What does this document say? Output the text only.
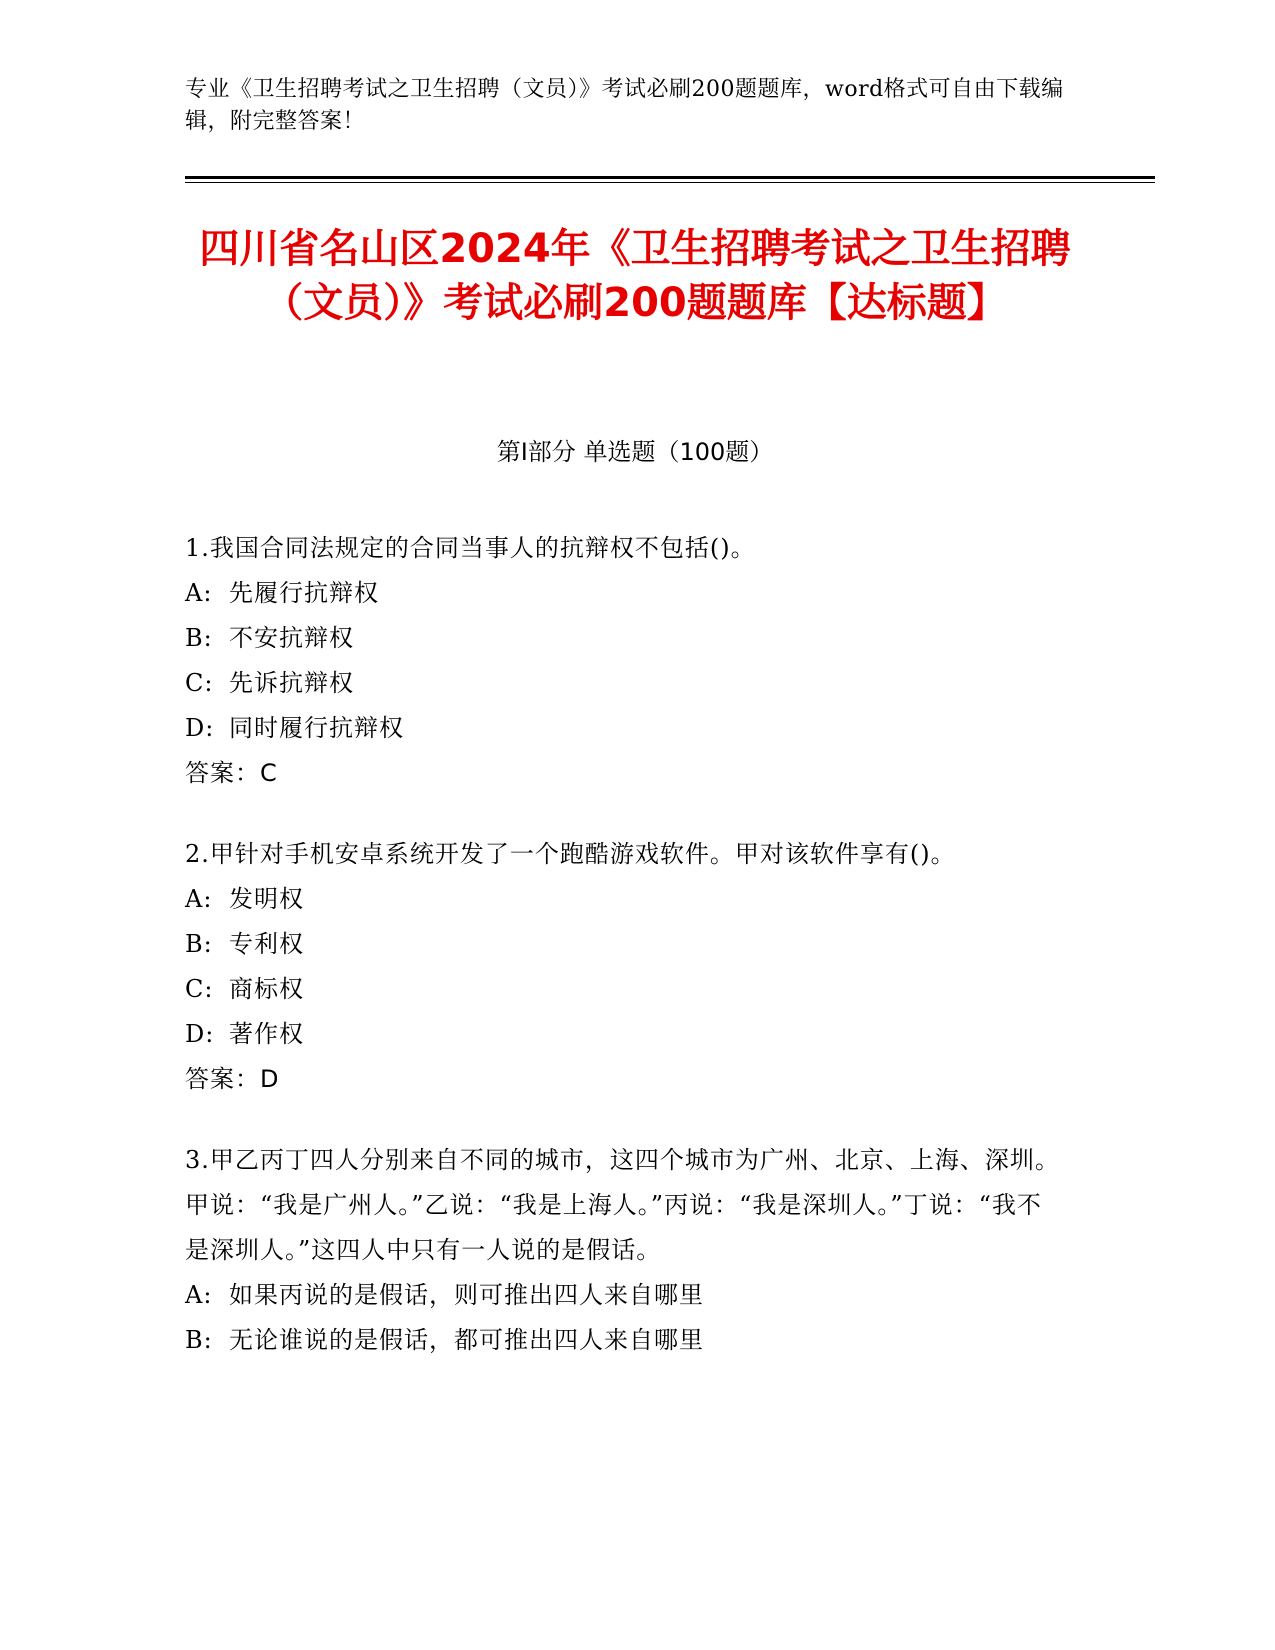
专业《卫生招聘考试之卫生招聘（文员）》考试必刷200题题库，word格式可自由下载编辑，附完整答案！
四川省名山区2024年《卫生招聘考试之卫生招聘（文员）》考试必刷200题题库【达标题】
第I部分 单选题（100题）

1.我国合同法规定的合同当事人的抗辩权不包括()。

A: 先履行抗辩权

B: 不安抗辩权

C: 先诉抗辩权

D: 同时履行抗辩权

答案：C

2.甲针对手机安卓系统开发了一个跑酷游戏软件。甲对该软件享有()。

A: 发明权

B: 专利权

C: 商标权

D: 著作权

答案：D

3.甲乙丙丁四人分别来自不同的城市，这四个城市为广州、北京、上海、深圳。甲说：“我是广州人。”乙说：“我是上海人。”丙说：“我是深圳人。”丁说：“我不是深圳人。”这四人中只有一人说的是假话。

A: 如果丙说的是假话，则可推出四人来自哪里

B: 无论谁说的是假话，都可推出四人来自哪里
